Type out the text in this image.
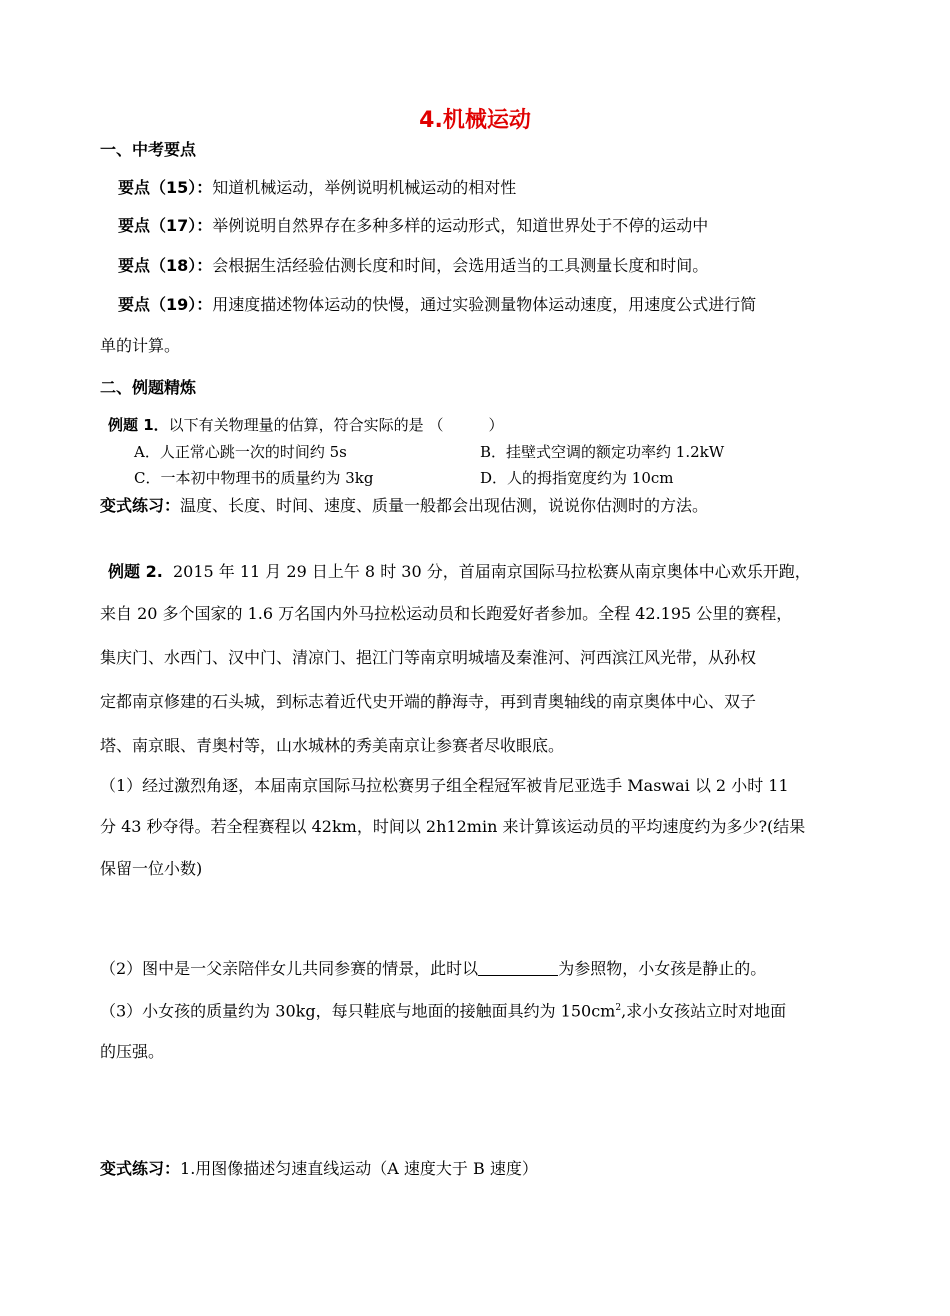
4.机械运动
一、中考要点
要点（15）：知道机械运动，举例说明机械运动的相对性
要点（17）：举例说明自然界存在多种多样的运动形式，知道世界处于不停的运动中
要点（18）：会根据生活经验估测长度和时间，会选用适当的工具测量长度和时间。
要点（19）：用速度描述物体运动的快慢，通过实验测量物体运动速度，用速度公式进行简
单的计算。
二、例题精炼
例题 1．以下有关物理量的估算，符合实际的是 （　　　）
A．人正常心跳一次的时间约 5s	B．挂壁式空调的额定功率约 1.2kW
C．一本初中物理书的质量约为 3kg	D．人的拇指宽度约为 10cm
变式练习：温度、长度、时间、速度、质量一般都会出现估测，说说你估测时的方法。
例题 2. 2015 年 11 月 29 日上午 8 时 30 分，首届南京国际马拉松赛从南京奥体中心欢乐开跑，
来自 20 多个国家的 1.6 万名国内外马拉松运动员和长跑爱好者参加。全程 42.195 公里的赛程，
集庆门、水西门、汉中门、清凉门、挹江门等南京明城墙及秦淮河、河西滨江风光带，从孙权
定都南京修建的石头城，到标志着近代史开端的静海寺，再到青奥轴线的南京奥体中心、双子
塔、南京眼、青奥村等，山水城林的秀美南京让参赛者尽收眼底。
（1）经过激烈角逐，本届南京国际马拉松赛男子组全程冠军被肯尼亚选手 Maswai 以 2 小时 11
分 43 秒夺得。若全程赛程以 42km，时间以 2h12min 来计算该运动员的平均速度约为多少?(结果
保留一位小数)
（2）图中是一父亲陪伴女儿共同参赛的情景，此时以	为参照物，小女孩是静止的。
（3）小女孩的质量约为 30kg，每只鞋底与地面的接触面具约为 $150cm^2$,求小女孩站立时对地面
的压强。
变式练习：1.用图像描述匀速直线运动（A 速度大于 B 速度）
